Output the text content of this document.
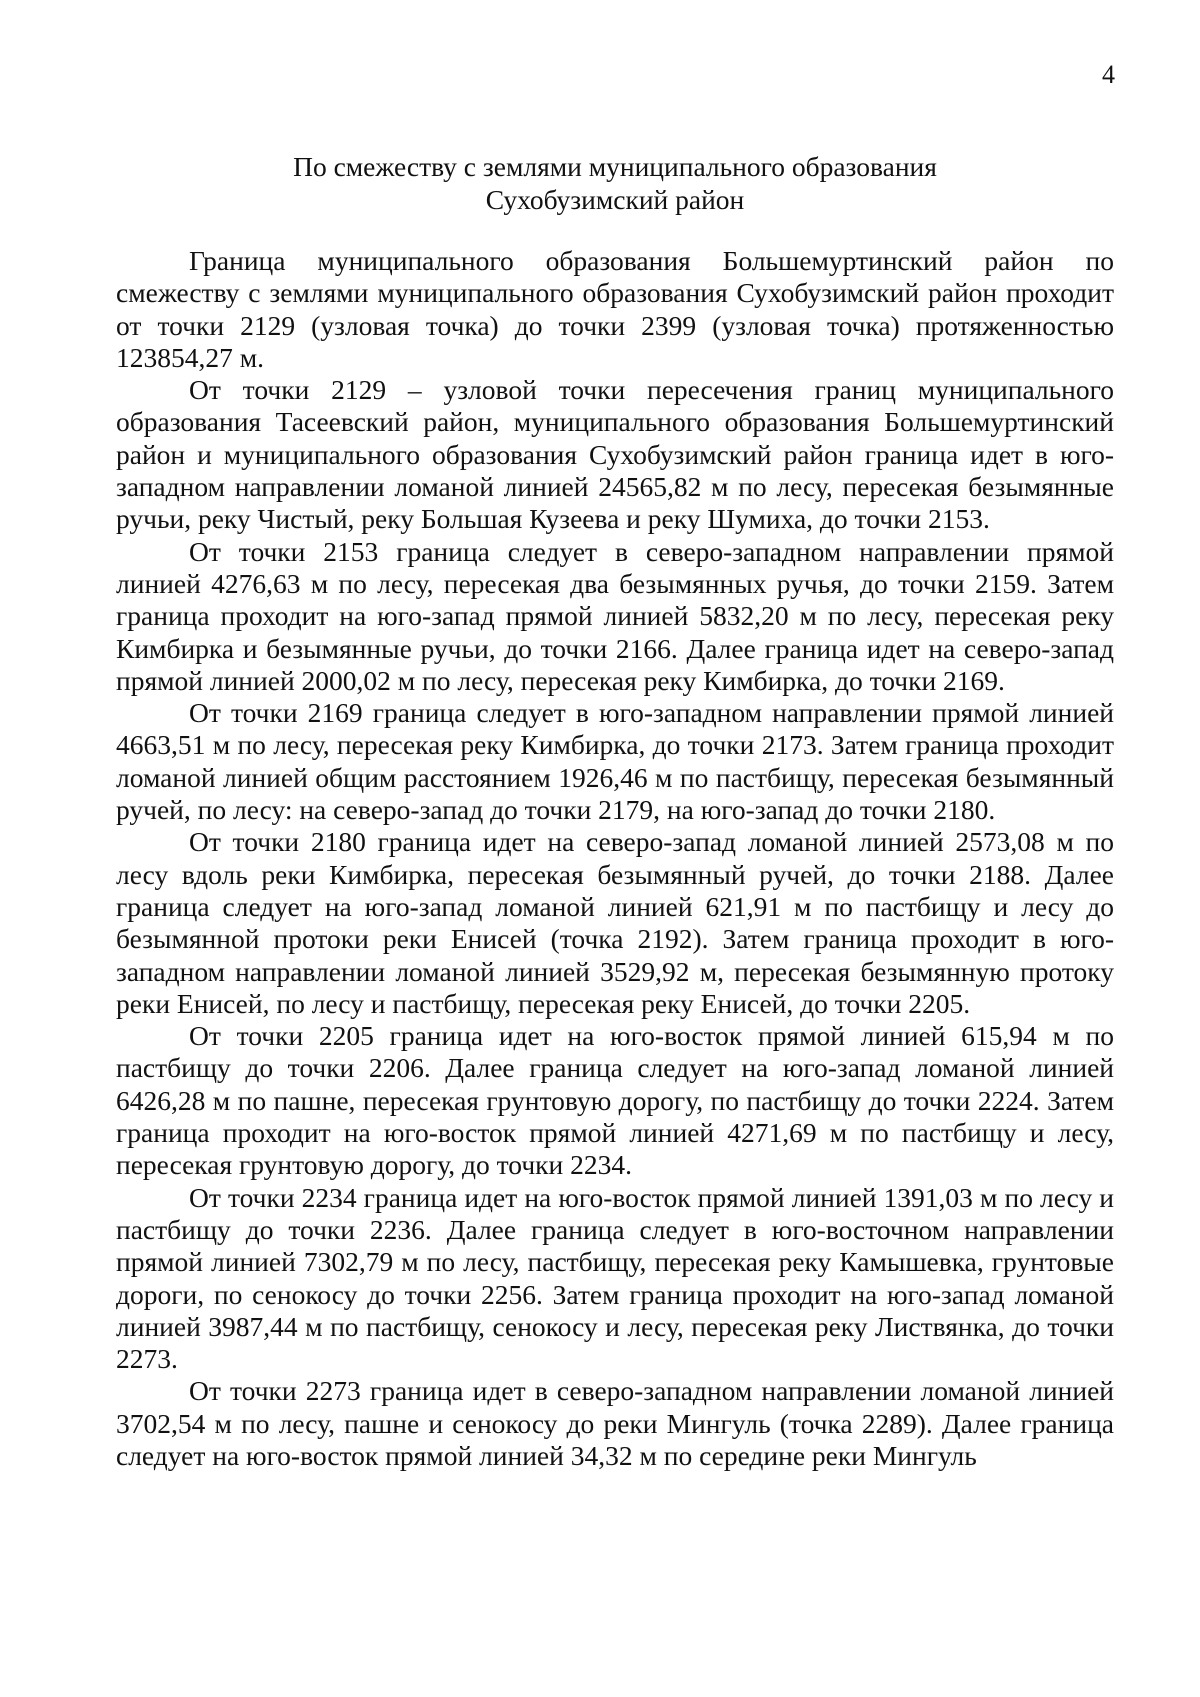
4
По смежеству с землями муниципального образования
Сухобузимский район

Граница муниципального образования Большемуртинский район по смежеству с землями муниципального образования Сухобузимский район проходит от точки 2129 (узловая точка) до точки 2399 (узловая точка) протяженностью 123854,27 м.

От точки 2129 – узловой точки пересечения границ муниципального образования Тасеевский район, муниципального образования Большемуртинский район и муниципального образования Сухобузимский район граница идет в юго-западном направлении ломаной линией 24565,82 м по лесу, пересекая безымянные ручьи, реку Чистый, реку Большая Кузеева и реку Шумиха, до точки 2153.

От точки 2153 граница следует в северо-западном направлении прямой линией 4276,63 м по лесу, пересекая два безымянных ручья, до точки 2159. Затем граница проходит на юго-запад прямой линией 5832,20 м по лесу, пересекая реку Кимбирка и безымянные ручьи, до точки 2166. Далее граница идет на северо-запад прямой линией 2000,02 м по лесу, пересекая реку Кимбирка, до точки 2169.

От точки 2169 граница следует в юго-западном направлении прямой линией 4663,51 м по лесу, пересекая реку Кимбирка, до точки 2173. Затем граница проходит ломаной линией общим расстоянием 1926,46 м по пастбищу, пересекая безымянный ручей, по лесу: на северо-запад до точки 2179, на юго-запад до точки 2180.

От точки 2180 граница идет на северо-запад ломаной линией 2573,08 м по лесу вдоль реки Кимбирка, пересекая безымянный ручей, до точки 2188. Далее граница следует на юго-запад ломаной линией 621,91 м по пастбищу и лесу до безымянной протоки реки Енисей (точка 2192). Затем граница проходит в юго-западном направлении ломаной линией 3529,92 м, пересекая безымянную протоку реки Енисей, по лесу и пастбищу, пересекая реку Енисей, до точки 2205.

От точки 2205 граница идет на юго-восток прямой линией 615,94 м по пастбищу до точки 2206. Далее граница следует на юго-запад ломаной линией 6426,28 м по пашне, пересекая грунтовую дорогу, по пастбищу до точки 2224. Затем граница проходит на юго-восток прямой линией 4271,69 м по пастбищу и лесу, пересекая грунтовую дорогу, до точки 2234.

От точки 2234 граница идет на юго-восток прямой линией 1391,03 м по лесу и пастбищу до точки 2236. Далее граница следует в юго-восточном направлении прямой линией 7302,79 м по лесу, пастбищу, пересекая реку Камышевка, грунтовые дороги, по сенокосу до точки 2256. Затем граница проходит на юго-запад ломаной линией 3987,44 м по пастбищу, сенокосу и лесу, пересекая реку Листвянка, до точки 2273.

От точки 2273 граница идет в северо-западном направлении ломаной линией 3702,54 м по лесу, пашне и сенокосу до реки Мингуль (точка 2289). Далее граница следует на юго-восток прямой линией 34,32 м по середине реки Мингуль
